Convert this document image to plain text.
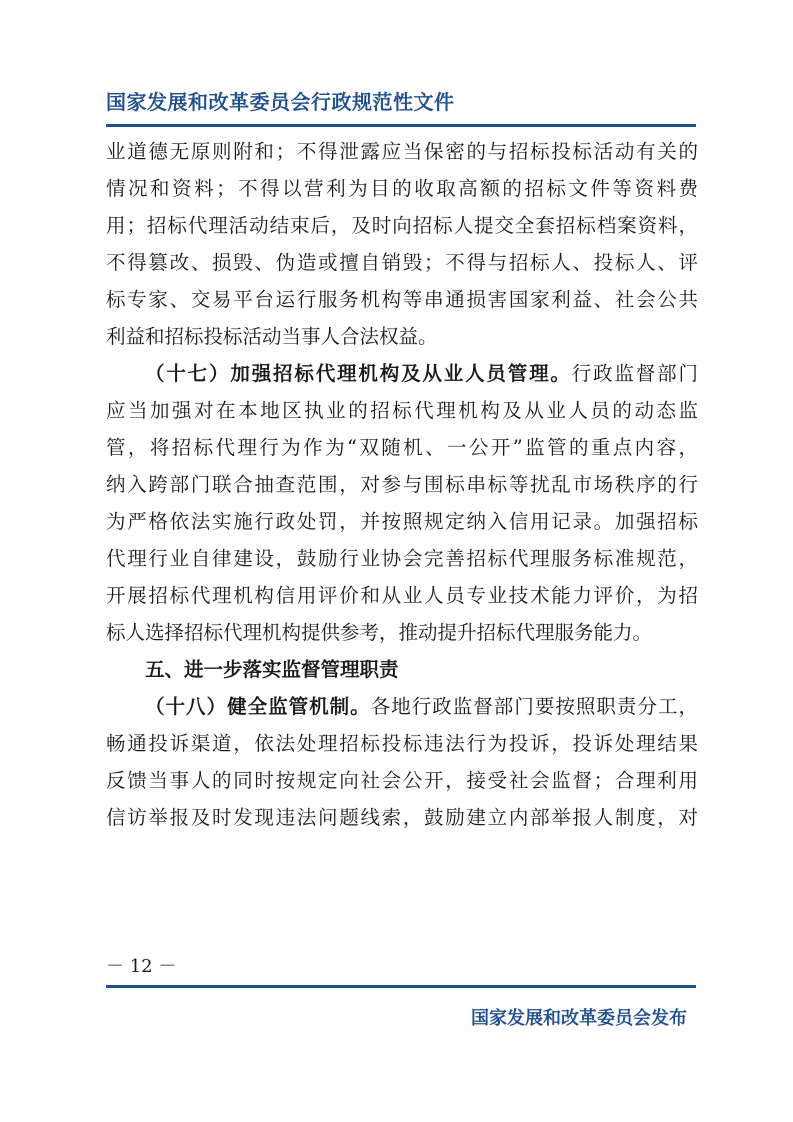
国家发展和改革委员会行政规范性文件
业道德无原则附和；不得泄露应当保密的与招标投标活动有关的
情况和资料；不得以营利为目的收取高额的招标文件等资料费
用；招标代理活动结束后，及时向招标人提交全套招标档案资料，
不得篡改、损毁、伪造或擅自销毁；不得与招标人、投标人、评
标专家、交易平台运行服务机构等串通损害国家利益、社会公共
利益和招标投标活动当事人合法权益。
（十七）加强招标代理机构及从业人员管理。行政监督部门
应当加强对在本地区执业的招标代理机构及从业人员的动态监
管，将招标代理行为作为“双随机、一公开”监管的重点内容，
纳入跨部门联合抽查范围，对参与围标串标等扰乱市场秩序的行
为严格依法实施行政处罚，并按照规定纳入信用记录。加强招标
代理行业自律建设，鼓励行业协会完善招标代理服务标准规范，
开展招标代理机构信用评价和从业人员专业技术能力评价，为招
标人选择招标代理机构提供参考，推动提升招标代理服务能力。
五、进一步落实监督管理职责
（十八）健全监管机制。各地行政监督部门要按照职责分工，
畅通投诉渠道，依法处理招标投标违法行为投诉，投诉处理结果
反馈当事人的同时按规定向社会公开，接受社会监督；合理利用
信访举报及时发现违法问题线索，鼓励建立内部举报人制度，对
－ 12 －
国家发展和改革委员会发布
